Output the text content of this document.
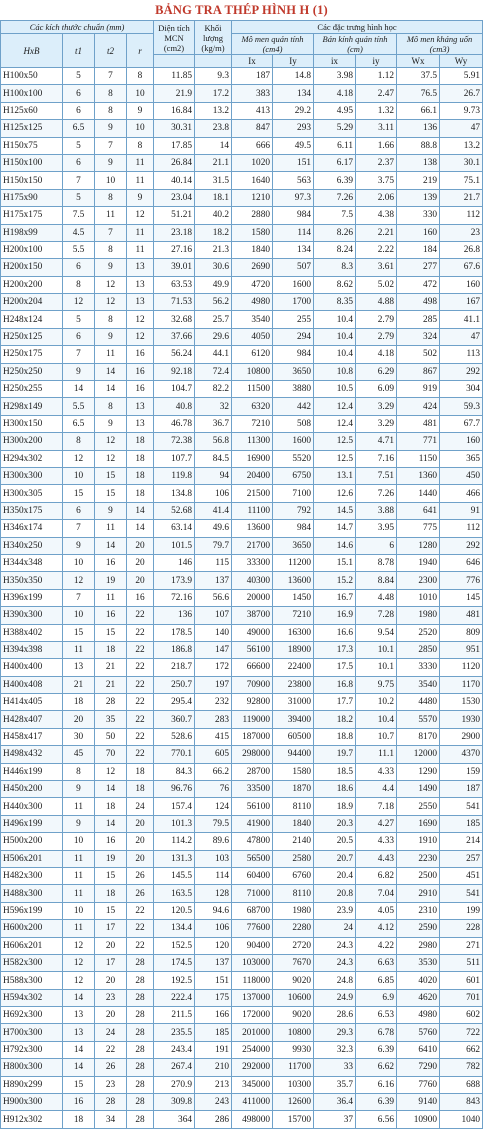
BẢNG TRA THÉP HÌNH H (1)
Các kích thước chuẩn (mm)				Diện tích MCN (cm2)	Khối lượng (kg/m)	Các đặc trưng hình học					
HxB	t1	t2	r			Mô men quán tính (cm4)		Bán kính quán tính (cm)		Mô men kháng uốn (cm3)	
						Ix	Iy	ix	iy	Wx	Wy
H100x50	5	7	8	11.85	9.3	187	14.8	3.98	1.12	37.5	5.91
H100x100	6	8	10	21.9	17.2	383	134	4.18	2.47	76.5	26.7
H125x60	6	8	9	16.84	13.2	413	29.2	4.95	1.32	66.1	9.73
H125x125	6.5	9	10	30.31	23.8	847	293	5.29	3.11	136	47
H150x75	5	7	8	17.85	14	666	49.5	6.11	1.66	88.8	13.2
H150x100	6	9	11	26.84	21.1	1020	151	6.17	2.37	138	30.1
H150x150	7	10	11	40.14	31.5	1640	563	6.39	3.75	219	75.1
H175x90	5	8	9	23.04	18.1	1210	97.3	7.26	2.06	139	21.7
H175x175	7.5	11	12	51.21	40.2	2880	984	7.5	4.38	330	112
H198x99	4.5	7	11	23.18	18.2	1580	114	8.26	2.21	160	23
H200x100	5.5	8	11	27.16	21.3	1840	134	8.24	2.22	184	26.8
H200x150	6	9	13	39.01	30.6	2690	507	8.3	3.61	277	67.6
H200x200	8	12	13	63.53	49.9	4720	1600	8.62	5.02	472	160
H200x204	12	12	13	71.53	56.2	4980	1700	8.35	4.88	498	167
H248x124	5	8	12	32.68	25.7	3540	255	10.4	2.79	285	41.1
H250x125	6	9	12	37.66	29.6	4050	294	10.4	2.79	324	47
H250x175	7	11	16	56.24	44.1	6120	984	10.4	4.18	502	113
H250x250	9	14	16	92.18	72.4	10800	3650	10.8	6.29	867	292
H250x255	14	14	16	104.7	82.2	11500	3880	10.5	6.09	919	304
H298x149	5.5	8	13	40.8	32	6320	442	12.4	3.29	424	59.3
H300x150	6.5	9	13	46.78	36.7	7210	508	12.4	3.29	481	67.7
H300x200	8	12	18	72.38	56.8	11300	1600	12.5	4.71	771	160
H294x302	12	12	18	107.7	84.5	16900	5520	12.5	7.16	1150	365
H300x300	10	15	18	119.8	94	20400	6750	13.1	7.51	1360	450
H300x305	15	15	18	134.8	106	21500	7100	12.6	7.26	1440	466
H350x175	6	9	14	52.68	41.4	11100	792	14.5	3.88	641	91
H346x174	7	11	14	63.14	49.6	13600	984	14.7	3.95	775	112
H340x250	9	14	20	101.5	79.7	21700	3650	14.6	6	1280	292
H344x348	10	16	20	146	115	33300	11200	15.1	8.78	1940	646
H350x350	12	19	20	173.9	137	40300	13600	15.2	8.84	2300	776
H396x199	7	11	16	72.16	56.6	20000	1450	16.7	4.48	1010	145
H390x300	10	16	22	136	107	38700	7210	16.9	7.28	1980	481
H388x402	15	15	22	178.5	140	49000	16300	16.6	9.54	2520	809
H394x398	11	18	22	186.8	147	56100	18900	17.3	10.1	2850	951
H400x400	13	21	22	218.7	172	66600	22400	17.5	10.1	3330	1120
H400x408	21	21	22	250.7	197	70900	23800	16.8	9.75	3540	1170
H414x405	18	28	22	295.4	232	92800	31000	17.7	10.2	4480	1530
H428x407	20	35	22	360.7	283	119000	39400	18.2	10.4	5570	1930
H458x417	30	50	22	528.6	415	187000	60500	18.8	10.7	8170	2900
H498x432	45	70	22	770.1	605	298000	94400	19.7	11.1	12000	4370
H446x199	8	12	18	84.3	66.2	28700	1580	18.5	4.33	1290	159
H450x200	9	14	18	96.76	76	33500	1870	18.6	4.4	1490	187
H440x300	11	18	24	157.4	124	56100	8110	18.9	7.18	2550	541
H496x199	9	14	20	101.3	79.5	41900	1840	20.3	4.27	1690	185
H500x200	10	16	20	114.2	89.6	47800	2140	20.5	4.33	1910	214
H506x201	11	19	20	131.3	103	56500	2580	20.7	4.43	2230	257
H482x300	11	15	26	145.5	114	60400	6760	20.4	6.82	2500	451
H488x300	11	18	26	163.5	128	71000	8110	20.8	7.04	2910	541
H596x199	10	15	22	120.5	94.6	68700	1980	23.9	4.05	2310	199
H600x200	11	17	22	134.4	106	77600	2280	24	4.12	2590	228
H606x201	12	20	22	152.5	120	90400	2720	24.3	4.22	2980	271
H582x300	12	17	28	174.5	137	103000	7670	24.3	6.63	3530	511
H588x300	12	20	28	192.5	151	118000	9020	24.8	6.85	4020	601
H594x302	14	23	28	222.4	175	137000	10600	24.9	6.9	4620	701
H692x300	13	20	28	211.5	166	172000	9020	28.6	6.53	4980	602
H700x300	13	24	28	235.5	185	201000	10800	29.3	6.78	5760	722
H792x300	14	22	28	243.4	191	254000	9930	32.3	6.39	6410	662
H800x300	14	26	28	267.4	210	292000	11700	33	6.62	7290	782
H890x299	15	23	28	270.9	213	345000	10300	35.7	6.16	7760	688
H900x300	16	28	28	309.8	243	411000	12600	36.4	6.39	9140	843
H912x302	18	34	28	364	286	498000	15700	37	6.56	10900	1040
